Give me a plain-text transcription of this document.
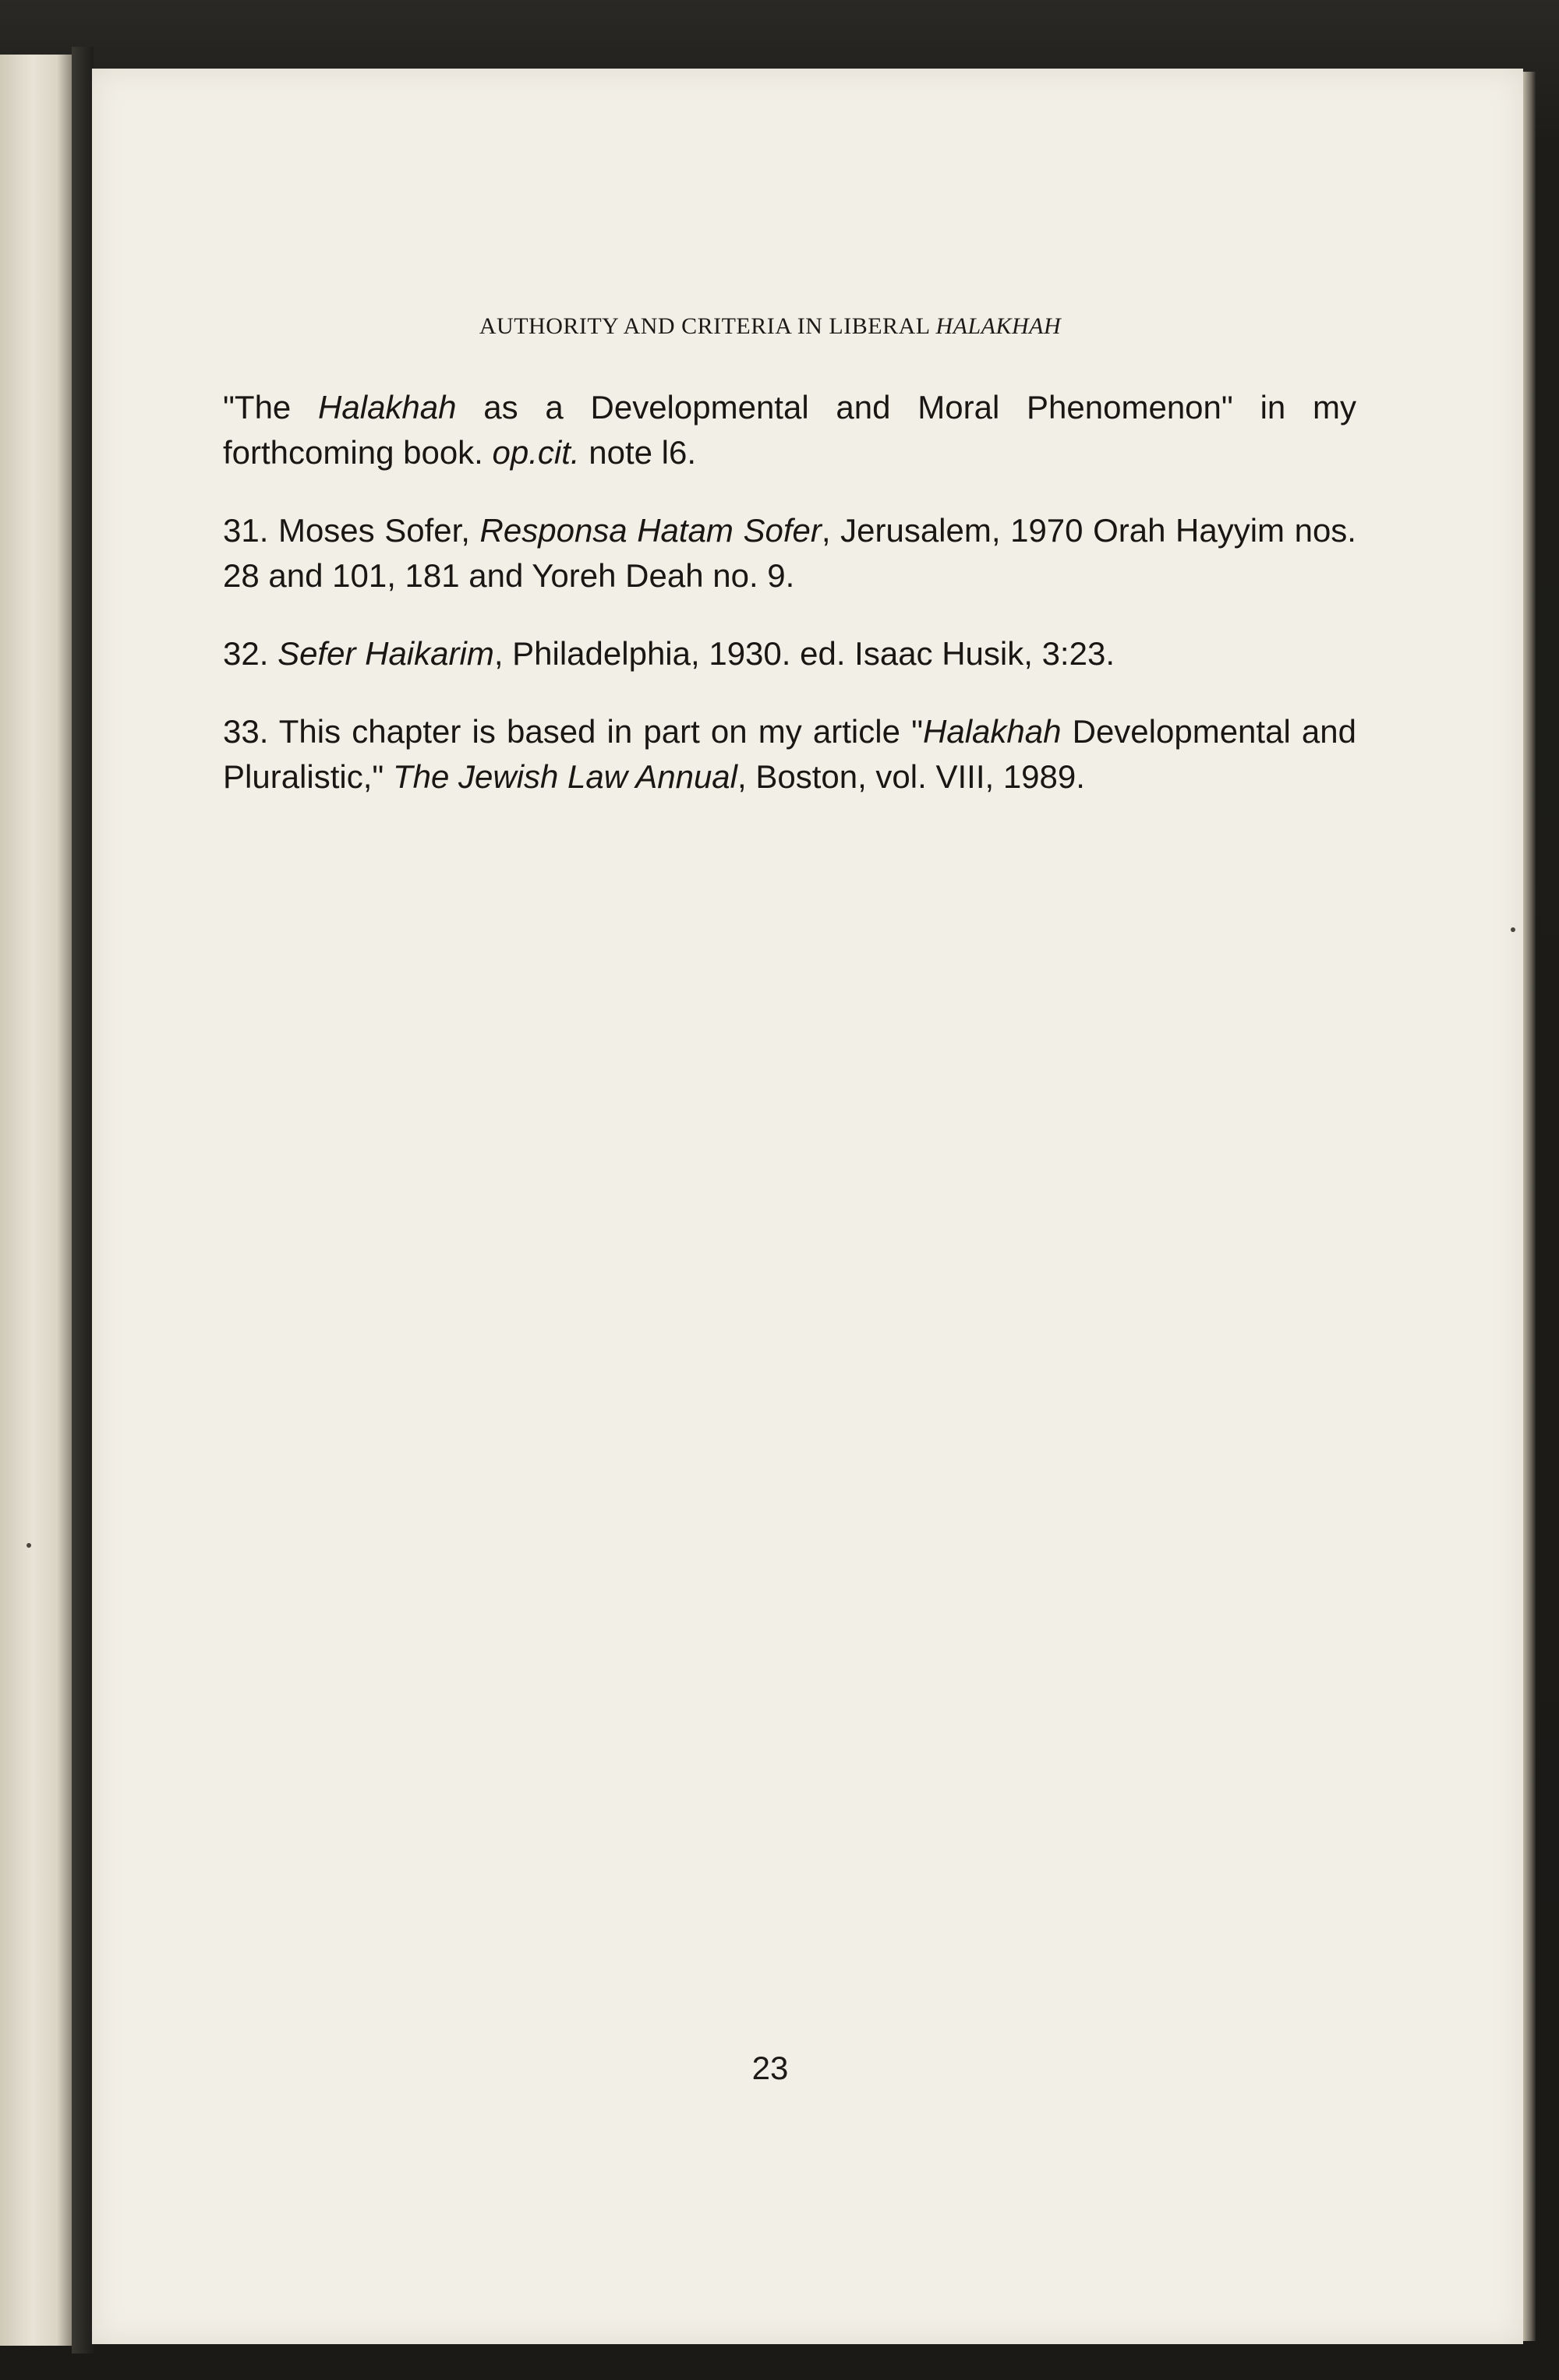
AUTHORITY AND CRITERIA IN LIBERAL HALAKHAH

"The Halakhah as a Developmental and Moral Phenomenon" in my forthcoming book. op.cit. note l6.

31. Moses Sofer, Responsa Hatam Sofer, Jerusalem, 1970 Orah Hayyim nos. 28 and 101, 181 and Yoreh Deah no. 9.

32. Sefer Haikarim, Philadelphia, 1930. ed. Isaac Husik, 3:23.

33. This chapter is based in part on my article "Halakhah Developmental and Pluralistic," The Jewish Law Annual, Boston, vol. VIII, 1989.

23
